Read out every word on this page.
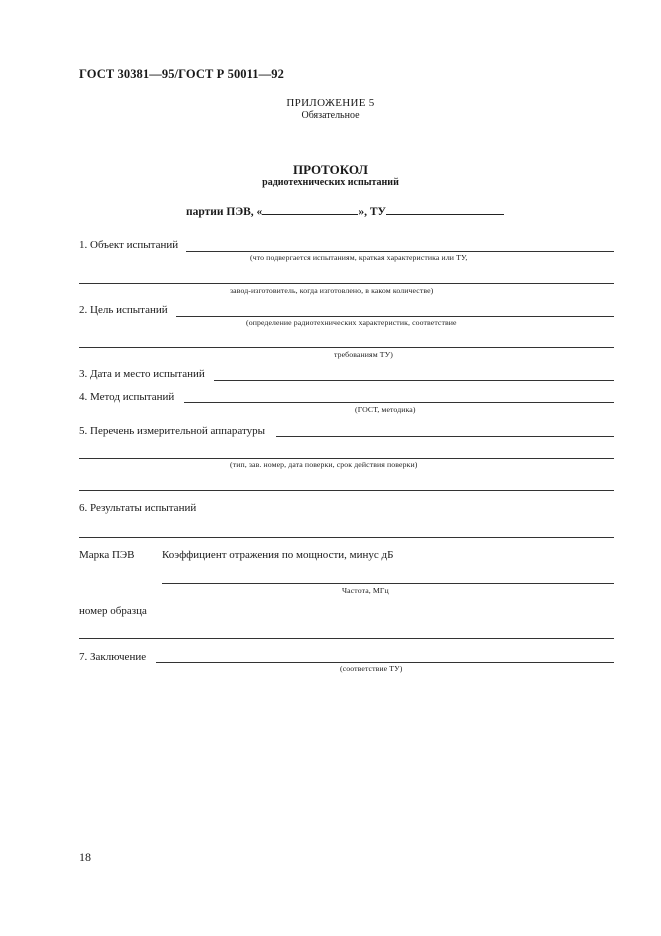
ГОСТ 30381—95/ГОСТ Р 50011—92
ПРИЛОЖЕНИЕ 5
Обязательное
ПРОТОКОЛ
радиотехнических испытаний
партии ПЭВ, «	», ТУ
1. Объект испытаний
(что подвергается испытаниям, краткая характеристика или ТУ,
завод-изготовитель, когда изготовлено, в каком количестве)
2. Цель испытаний
(определение радиотехнических характеристик, соответствие
требованиям ТУ)
3. Дата и место испытаний
4. Метод испытаний
(ГОСТ, методика)
5. Перечень измерительной аппаратуры
(тип, зав. номер, дата поверки, срок действия поверки)
6. Результаты испытаний
Марка ПЭВ Коэффициент отражения по мощности, минус дБ
Частота, МГц
номер образца
7. Заключение
(соответствие ТУ)
18
